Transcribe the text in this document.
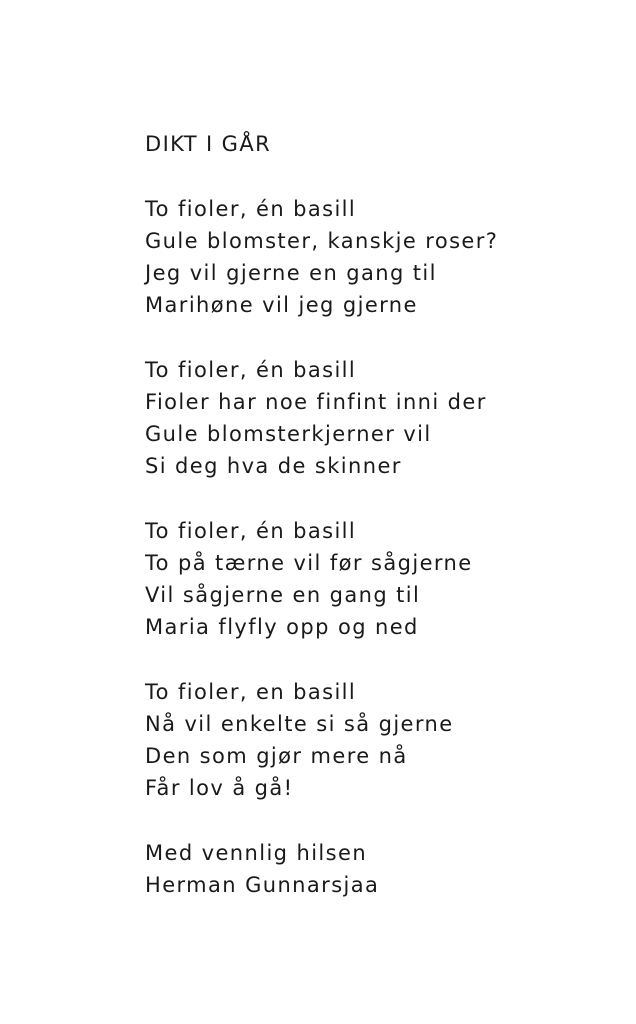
DIKT I GÅR
To fioler, én basill
Gule blomster, kanskje roser?
Jeg vil gjerne en gang til
Marihøne vil jeg gjerne
To fioler, én basill
Fioler har noe finfint inni der
Gule blomsterkjerner vil
Si deg hva de skinner
To fioler, én basill
To på tærne vil før sågjerne
Vil sågjerne en gang til
Maria flyfly opp og ned
To fioler, en basill
Nå vil enkelte si så gjerne
Den som gjør mere nå
Får lov å gå!
Med vennlig hilsen
Herman Gunnarsjaa
